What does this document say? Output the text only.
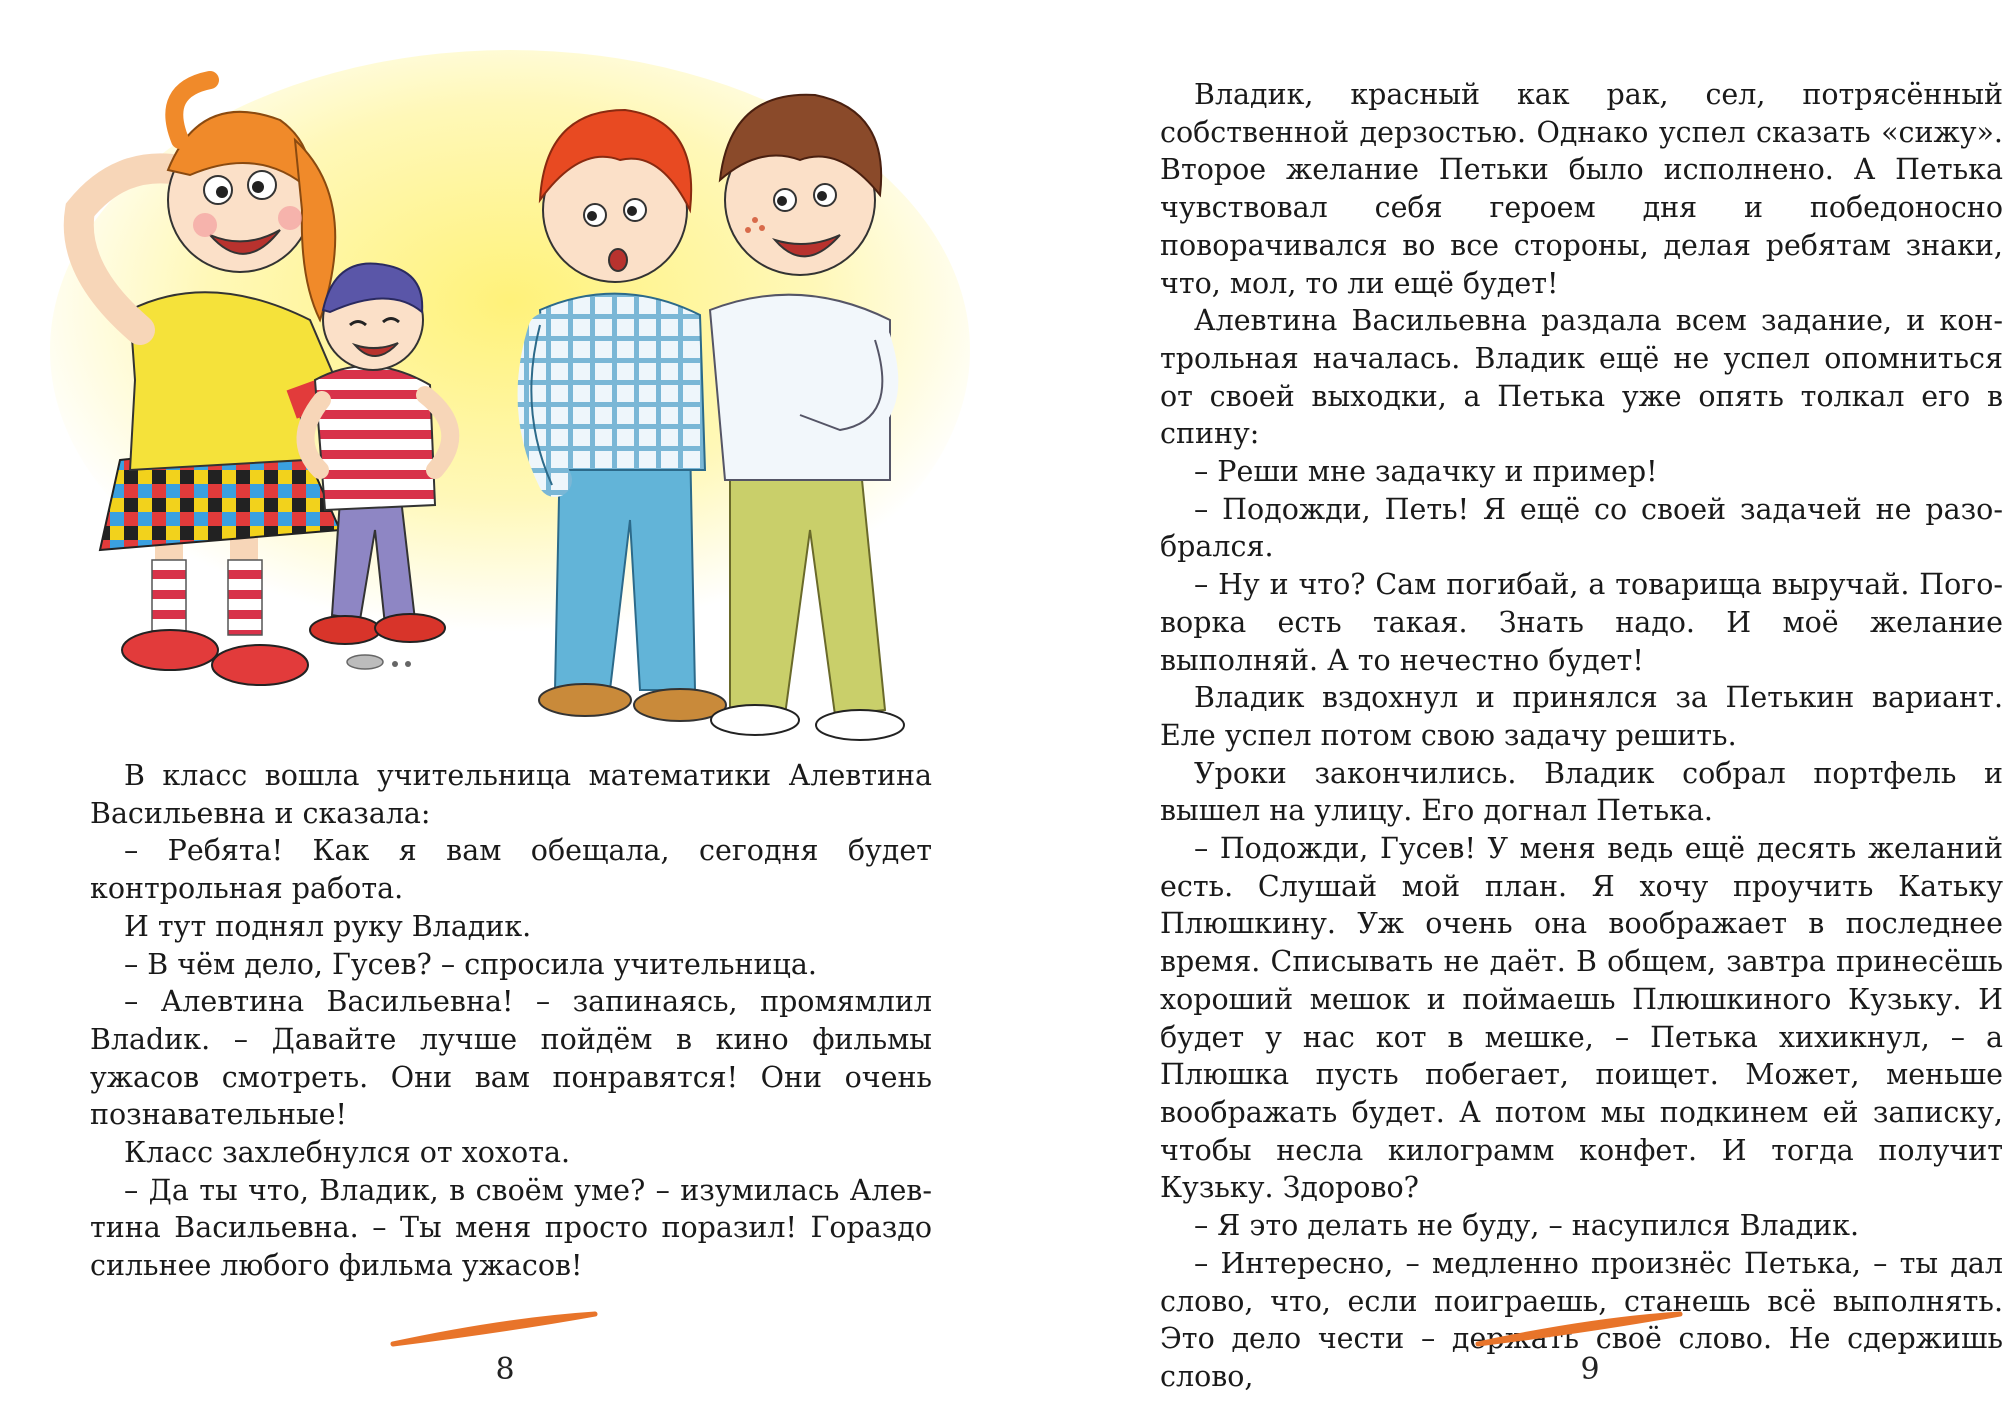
В класс вошла учительница математики Алевтина Васильевна и сказала:

– Ребята! Как я вам обещала, сегодня будет контрольная работа.

И тут поднял руку Владик.

– В чём дело, Гусев? – спросила учительница.

– Алевтина Васильевна! – запинаясь, промямлил Влаdик. – Давайте лучше пойдём в кино фильмы ужасов смотреть. Они вам понравятся! Они очень познавательные!

Класс захлебнулся от хохота.

– Да ты что, Владик, в своём уме? – изумилась Алевтина Васильевна. – Ты меня просто поразил! Гораздо сильнее любого фильма ужасов!

8

Владик, красный как рак, сел, потрясённый собственной дерзостью. Однако успел сказать «сижу». Второе желание Петьки было исполнено. А Петька чувствовал себя героем дня и победоносно поворачивался во все стороны, делая ребятам знаки, что, мол, то ли ещё будет!

Алевтина Васильевна раздала всем задание, и контрольная началась. Владик ещё не успел опомниться от своей выходки, а Петька уже опять толкал его в спину:

– Реши мне задачку и пример!

– Подожди, Петь! Я ещё со своей задачей не разобрался.

– Ну и что? Сам погибай, а товарища выручай. Поговорка есть такая. Знать надо. И моё желание выполняй. А то нечестно будет!

Владик вздохнул и принялся за Петькин вариант. Еле успел потом свою задачу решить.

Уроки закончились. Владик собрал портфель и вышел на улицу. Его догнал Петька.

– Подожди, Гусев! У меня ведь ещё десять желаний есть. Слушай мой план. Я хочу проучить Катьку Плюшкину. Уж очень она воображает в последнее время. Списывать не даёт. В общем, завтра принесёшь хороший мешок и поймаешь Плюшкиного Кузьку. И будет у нас кот в мешке, – Петька хихикнул, – а Плюшка пусть побегает, поищет. Может, меньше воображать будет. А потом мы подкинем ей записку, чтобы несла килограмм конфет. И тогда получит Кузьку. Здорово?

– Я это делать не буду, – насупился Владик.

– Интересно, – медленно произнёс Петька, – ты дал слово, что, если поиграешь, станешь всё выполнять. Это дело чести – держать своё слово. Не сдержишь слово,	9
